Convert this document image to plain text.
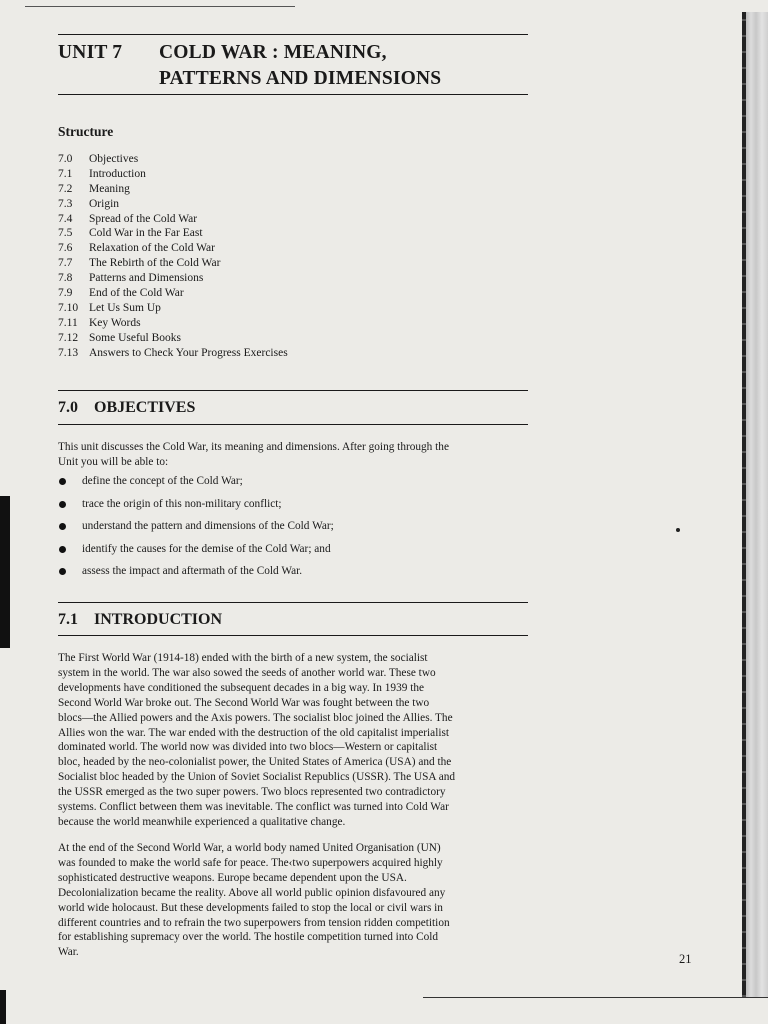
UNIT 7	COLD WAR : MEANING,
PATTERNS AND DIMENSIONS
Structure
7.0 Objectives
7.1 Introduction
7.2 Meaning
7.3 Origin
7.4 Spread of the Cold War
7.5 Cold War in the Far East
7.6 Relaxation of the Cold War
7.7 The Rebirth of the Cold War
7.8 Patterns and Dimensions
7.9 End of the Cold War
7.10 Let Us Sum Up
7.11 Key Words
7.12 Some Useful Books
7.13 Answers to Check Your Progress Exercises
7.0 OBJECTIVES
This unit discusses the Cold War, its meaning and dimensions. After going through the
Unit you will be able to:
define the concept of the Cold War;
trace the origin of this non-military conflict;
understand the pattern and dimensions of the Cold War;
identify the causes for the demise of the Cold War; and
assess the impact and aftermath of the Cold War.
7.1 INTRODUCTION
The First World War (1914-18) ended with the birth of a new system, the socialist
system in the world. The war also sowed the seeds of another world war. These two
developments have conditioned the subsequent decades in a big way. In 1939 the
Second World War broke out. The Second World War was fought between the two
blocs—the Allied powers and the Axis powers. The socialist bloc joined the Allies. The
Allies won the war. The war ended with the destruction of the old capitalist imperialist
dominated world. The world now was divided into two blocs—Western or capitalist
bloc, headed by the neo-colonialist power, the United States of America (USA) and the
Socialist bloc headed by the Union of Soviet Socialist Republics (USSR). The USA and
the USSR emerged as the two super powers. Two blocs represented two contradictory
systems. Conflict between them was inevitable. The conflict was turned into Cold War
because the world meanwhile experienced a qualitative change.
At the end of the Second World War, a world body named United Organisation (UN)
was founded to make the world safe for peace. The‹two superpowers acquired highly
sophisticated destructive weapons. Europe became dependent upon the USA.
Decolonialization became the reality. Above all world public opinion disfavoured any
world wide holocaust. But these developments failed to stop the local or civil wars in
different countries and to refrain the two superpowers from tension ridden competition
for establishing supremacy over the world. The hostile competition turned into Cold
War.	21
